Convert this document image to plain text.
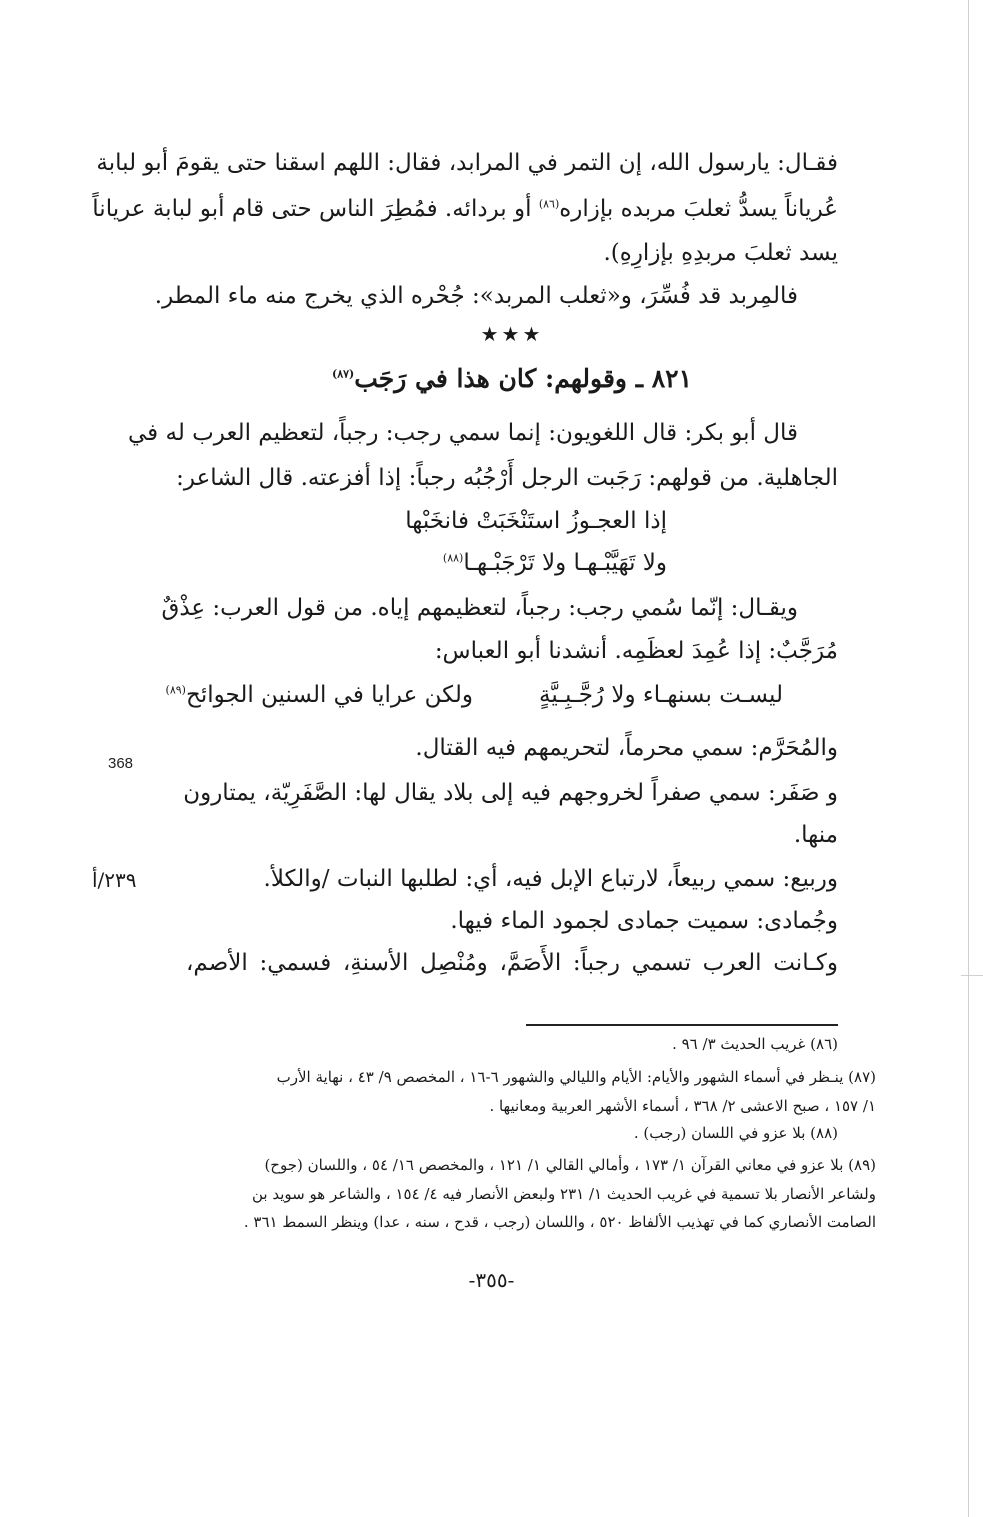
فقـال: يارسول الله، إن التمر في المرابد، فقال: اللهم اسقنا حتى يقومَ أبو لبابة
عُرياناً يسدُّ ثعلبَ مربده بإزاره$^{(٨٦)}$ أو بردائه. فمُطِرَ الناس حتى قام أبو لبابة عرياناً
يسد ثعلبَ مربدِهِ بإزارِهِ).
فالمِربد قد فُسِّرَ، و«ثعلب المربد»: جُحْره الذي يخرج منه ماء المطر.
★★★
٨٢١ ـ وقولهم: كان هذا في رَجَب$^{(٨٧)}$
قال أبو بكر: قال اللغويون: إنما سمي رجب: رجباً، لتعظيم العرب له في
الجاهلية. من قولهم: رَجَبت الرجل أَرْجُبُه رجباً: إذا أفزعته. قال الشاعر:
إذا العجـوزُ استَنْخَبَتْ فانخَبْها
ولا تَهَيَّبْـهـا ولا تَرْجَبْـهـا$^{(٨٨)}$
ويقـال: إنّما سُمي رجب: رجباً، لتعظيمهم إياه. من قول العرب: عِذْقٌ
مُرَجَّبٌ: إذا عُمِدَ لعظَمِه. أنشدنا أبو العباس:
ليسـت بسنهـاء ولا رُجَّـبِـيَّةٍ
ولكن عرايا في السنين الجوائح$^{(٨٩)}$
368
٢٣٩/أ
والمُحَرَّم: سمي محرماً، لتحريمهم فيه القتال.
و صَفَر: سمي صفراً لخروجهم فيه إلى بلاد يقال لها: الصَّفَرِيّة، يمتارون
منها.
وربيع: سمي ربيعاً، لارتباع الإبل فيه، أي: لطلبها النبات /والكلأ.
وجُمادى: سميت جمادى لجمود الماء فيها.
وكـانت العرب تسمي رجباً: الأَصَمَّ، ومُنْصِل الأسنةِ، فسمي: الأصم،
(٨٦) غريب الحديث ٣/ ٩٦ .
(٨٧) ينـظر في أسماء الشهور والأيام: الأيام والليالي والشهور ٦-١٦ ، المخصص ٩/ ٤٣ ، نهاية الأرب
١/ ١٥٧ ، صبح الاعشى ٢/ ٣٦٨ ، أسماء الأشهر العربية ومعانيها .
(٨٨) بلا عزو في اللسان (رجب) .
(٨٩) بلا عزو في معاني القرآن ١/ ١٧٣ ، وأمالي القالي ١/ ١٢١ ، والمخصص ١٦/ ٥٤ ، واللسان (جوح)
ولشاعر الأنصار بلا تسمية في غريب الحديث ١/ ٢٣١ ولبعض الأنصار فيه ٤/ ١٥٤ ، والشاعر هو سويد بن
الصامت الأنصاري كما في تهذيب الألفاظ ٥٢٠ ، واللسان (رجب ، قدح ، سنه ، عدا) وينظر السمط ٣٦١ .
-٣٥٥-
